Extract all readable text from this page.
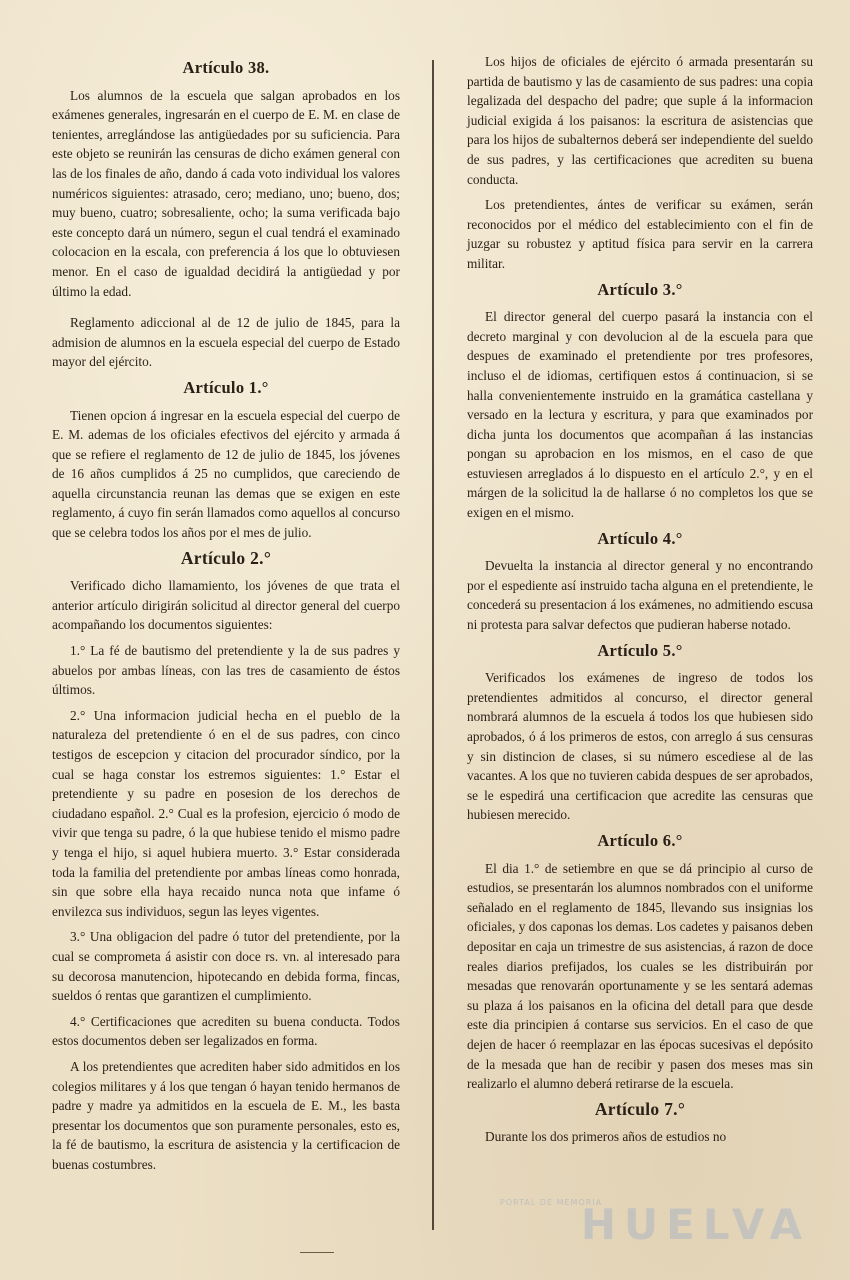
Artículo 38.

Los alumnos de la escuela que salgan aprobados en los exámenes generales, ingresarán en el cuerpo de E. M. en clase de tenientes, arreglándose las antigüedades por su suficiencia. Para este objeto se reunirán las censuras de dicho exámen general con las de los finales de año, dando á cada voto individual los valores numéricos siguientes: atrasado, cero; mediano, uno; bueno, dos; muy bueno, cuatro; sobresaliente, ocho; la suma verificada bajo este concepto dará un número, segun el cual tendrá el examinado colocacion en la escala, con preferencia á los que lo obtuviesen menor. En el caso de igualdad decidirá la antigüedad y por último la edad.

Reglamento adiccional al de 12 de julio de 1845, para la admision de alumnos en la escuela especial del cuerpo de Estado mayor del ejército.

Artículo 1.°

Tienen opcion á ingresar en la escuela especial del cuerpo de E. M. ademas de los oficiales efectivos del ejército y armada á que se refiere el reglamento de 12 de julio de 1845, los jóvenes de 16 años cumplidos á 25 no cumplidos, que careciendo de aquella circunstancia reunan las demas que se exigen en este reglamento, á cuyo fin serán llamados como aquellos al concurso que se celebra todos los años por el mes de julio.

Artículo 2.°

Verificado dicho llamamiento, los jóvenes de que trata el anterior artículo dirigirán solicitud al director general del cuerpo acompañando los documentos siguientes:

1.° La fé de bautismo del pretendiente y la de sus padres y abuelos por ambas líneas, con las tres de casamiento de éstos últimos.

2.° Una informacion judicial hecha en el pueblo de la naturaleza del pretendiente ó en el de sus padres, con cinco testigos de escepcion y citacion del procurador síndico, por la cual se haga constar los estremos siguientes: 1.° Estar el pretendiente y su padre en posesion de los derechos de ciudadano español. 2.° Cual es la profesion, ejercicio ó modo de vivir que tenga su padre, ó la que hubiese tenido el mismo padre y tenga el hijo, si aquel hubiera muerto. 3.° Estar considerada toda la familia del pretendiente por ambas líneas como honrada, sin que sobre ella haya recaido nunca nota que infame ó envilezca sus individuos, segun las leyes vigentes.

3.° Una obligacion del padre ó tutor del pretendiente, por la cual se comprometa á asistir con doce rs. vn. al interesado para su decorosa manutencion, hipotecando en debida forma, fincas, sueldos ó rentas que garantizen el cumplimiento.

4.° Certificaciones que acrediten su buena conducta. Todos estos documentos deben ser legalizados en forma.

A los pretendientes que acrediten haber sido admitidos en los colegios militares y á los que tengan ó hayan tenido hermanos de padre y madre ya admitidos en la escuela de E. M., les basta presentar los documentos que son puramente personales, esto es, la fé de bautismo, la escritura de asistencia y la certificacion de buenas costumbres.

Los hijos de oficiales de ejército ó armada presentarán su partida de bautismo y las de casamiento de sus padres: una copia legalizada del despacho del padre; que suple á la informacion judicial exigida á los paisanos: la escritura de asistencias que para los hijos de subalternos deberá ser independiente del sueldo de sus padres, y las certificaciones que acrediten su buena conducta.

Los pretendientes, ántes de verificar su exámen, serán reconocidos por el médico del establecimiento con el fin de juzgar su robustez y aptitud física para servir en la carrera militar.

Artículo 3.°

El director general del cuerpo pasará la instancia con el decreto marginal y con devolucion al de la escuela para que despues de examinado el pretendiente por tres profesores, incluso el de idiomas, certifiquen estos á continuacion, si se halla convenientemente instruido en la gramática castellana y versado en la lectura y escritura, y para que examinados por dicha junta los documentos que acompañan á las instancias pongan su aprobacion en los mismos, en el caso de que estuviesen arreglados á lo dispuesto en el artículo 2.°, y en el márgen de la solicitud la de hallarse ó no completos los que se exigen en el mismo.

Artículo 4.°

Devuelta la instancia al director general y no encontrando por el espediente así instruido tacha alguna en el pretendiente, le concederá su presentacion á los exámenes, no admitiendo escusa ni protesta para salvar defectos que pudieran haberse notado.

Artículo 5.°

Verificados los exámenes de ingreso de todos los pretendientes admitidos al concurso, el director general nombrará alumnos de la escuela á todos los que hubiesen sido aprobados, ó á los primeros de estos, con arreglo á sus censuras y sin distincion de clases, si su número escediese al de las vacantes. A los que no tuvieren cabida despues de ser aprobados, se le espedirá una certificacion que acredite las censuras que hubiesen merecido.

Artículo 6.°

El dia 1.° de setiembre en que se dá principio al curso de estudios, se presentarán los alumnos nombrados con el uniforme señalado en el reglamento de 1845, llevando sus insignias los oficiales, y dos caponas los demas. Los cadetes y paisanos deben depositar en caja un trimestre de sus asistencias, á razon de doce reales diarios prefijados, los cuales se les distribuirán por mesadas que renovarán oportunamente y se les sentará ademas su plaza á los paisanos en la oficina del detall para que desde este dia principien á contarse sus servicios. En el caso de que dejen de hacer ó reemplazar en las épocas sucesivas el depósito de la mesada que han de recibir y pasen dos meses mas sin realizarlo el alumno deberá retirarse de la escuela.

Artículo 7.°

Durante los dos primeros años de estudios no

PORTAL DE MEMORIA
HUELVA
